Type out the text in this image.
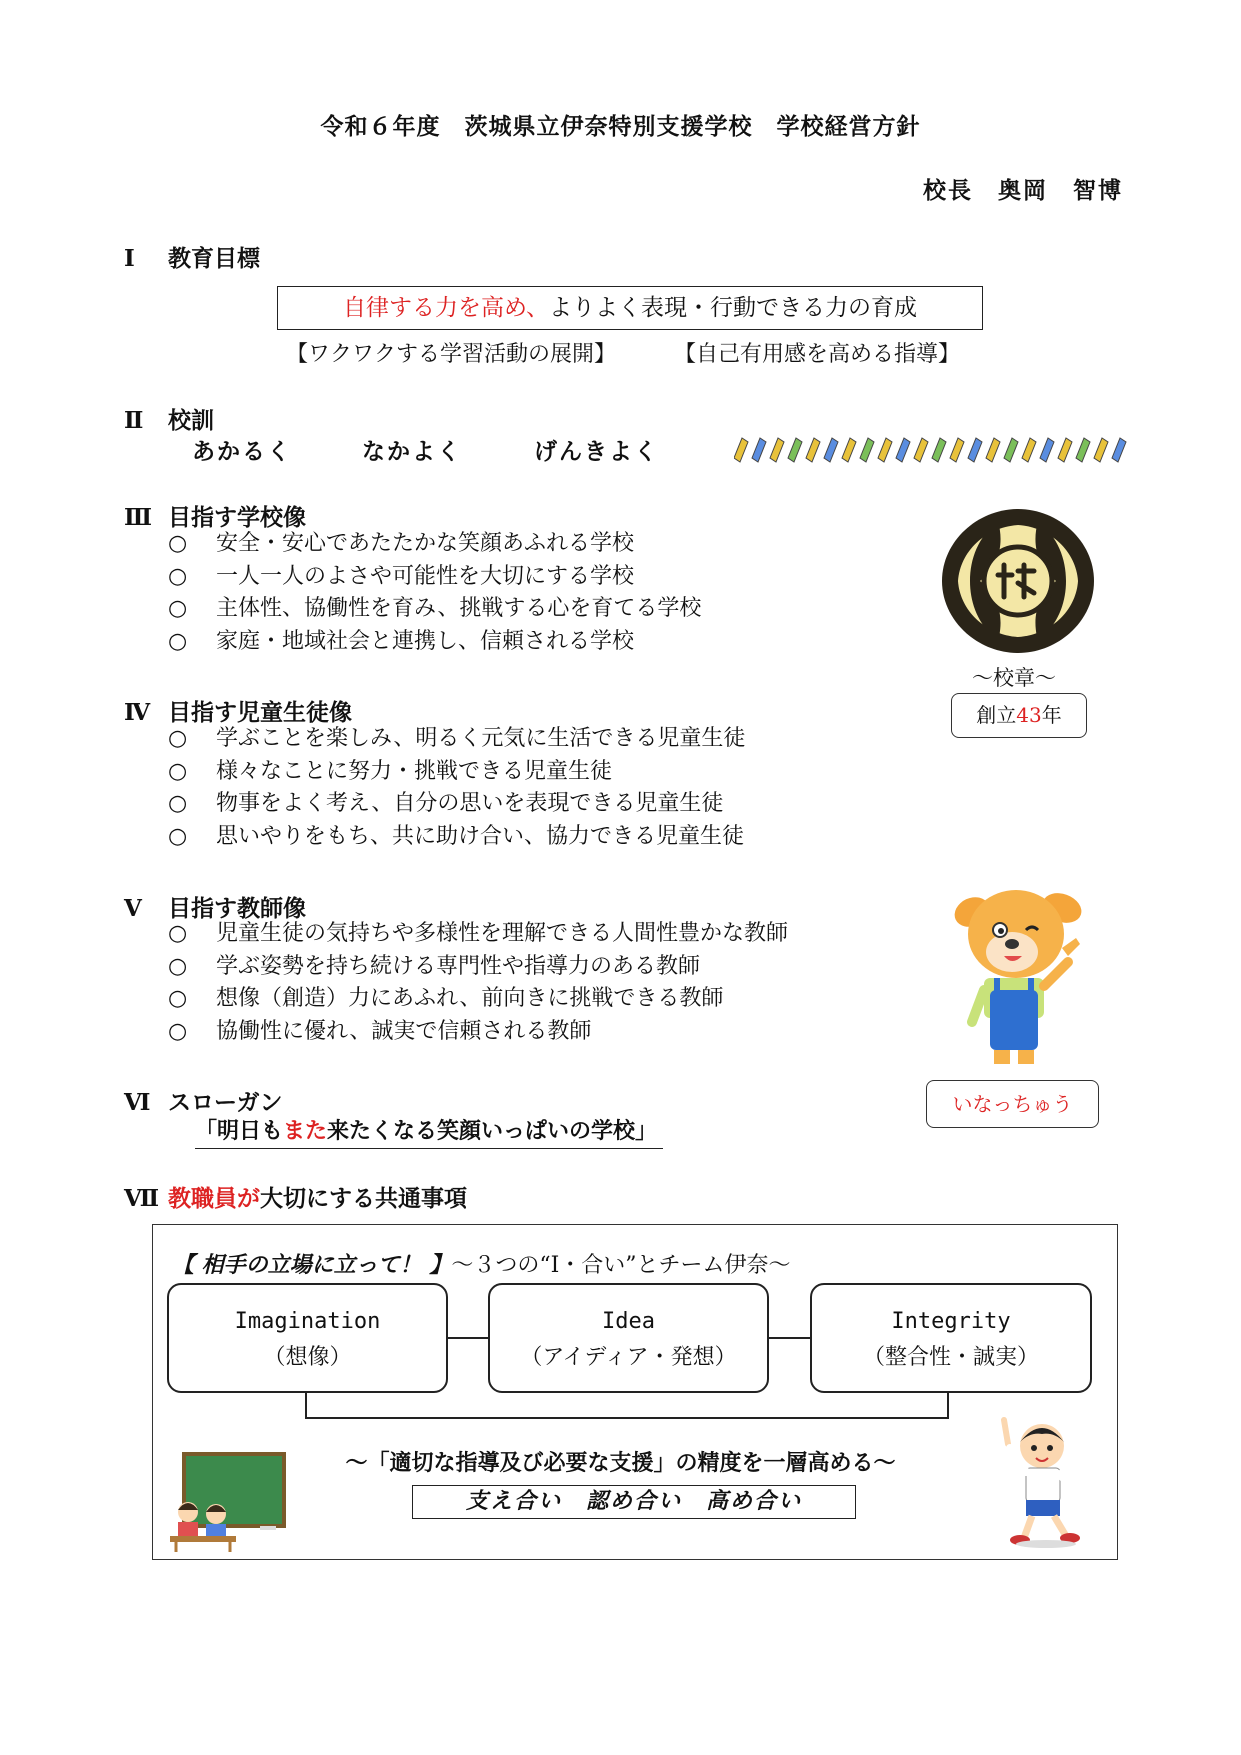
令和６年度　茨城県立伊奈特別支援学校　学校経営方針
校長　奥岡　智博
Ⅰ 教育目標
自律する力を高め、よりよく表現・行動できる力の育成
【ワクワクする学習活動の展開】	【自己有用感を高める指導】
Ⅱ 校訓
あかるく	なかよく	げんきよく
Ⅲ 目指す学校像
○ 安全・安心であたたかな笑顔あふれる学校
○ 一人一人のよさや可能性を大切にする学校
○ 主体性、協働性を育み、挑戦する心を育てる学校
○ 家庭・地域社会と連携し、信頼される学校
～校章～
創立43年
Ⅳ 目指す児童生徒像
○ 学ぶことを楽しみ、明るく元気に生活できる児童生徒
○ 様々なことに努力・挑戦できる児童生徒
○ 物事をよく考え、自分の思いを表現できる児童生徒
○ 思いやりをもち、共に助け合い、協力できる児童生徒
Ⅴ 目指す教師像
○ 児童生徒の気持ちや多様性を理解できる人間性豊かな教師
○ 学ぶ姿勢を持ち続ける専門性や指導力のある教師
○ 想像（創造）力にあふれ、前向きに挑戦できる教師
○ 協働性に優れ、誠実で信頼される教師
いなっちゅう
Ⅵ スローガン
「明日もまた来たくなる笑顔いっぱいの学校」
Ⅶ 教職員が大切にする共通事項
【 相手の立場に立って！ 】～３つの“I・合い”とチーム伊奈～
Imagination
（想像）
Idea
（アイディア・発想）
Integrity
（整合性・誠実）
～「適切な指導及び必要な支援」の精度を一層高める～
支え合い　認め合い　高め合い
